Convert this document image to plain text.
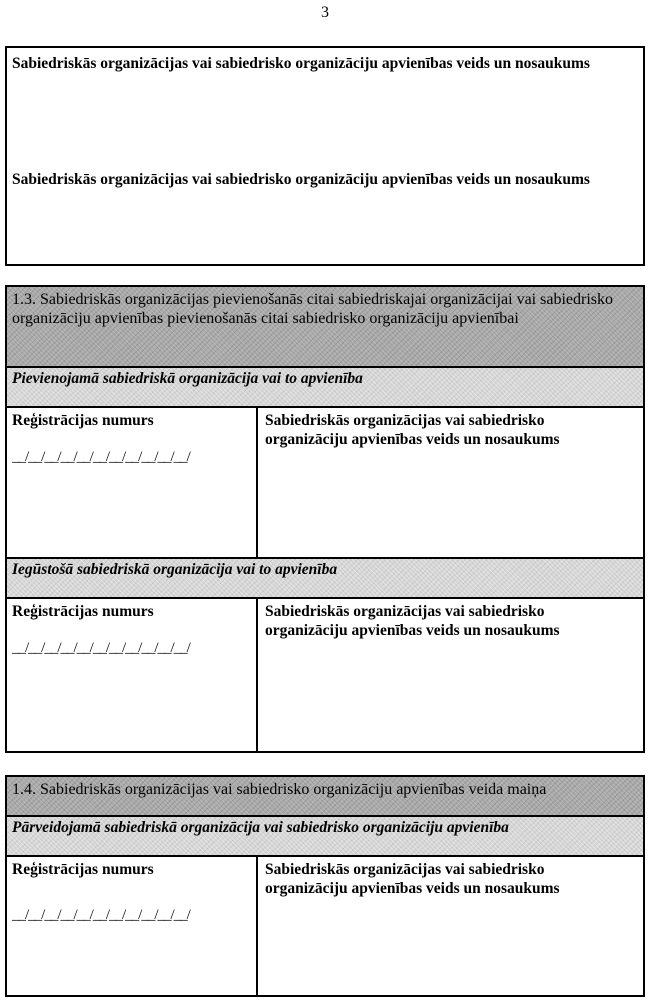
3
Sabiedriskās organizācijas vai sabiedrisko organizāciju apvienības veids un nosaukums
Sabiedriskās organizācijas vai sabiedrisko organizāciju apvienības veids un nosaukums
1.3. Sabiedriskās organizācijas pievienošanās citai sabiedriskajai organizācijai vai sabiedrisko organizāciju apvienības pievienošanās citai sabiedrisko organizāciju apvienībai
Pievienojamā sabiedriskā organizācija vai to apvienība
Reģistrācijas numurs
__/__/__/__/__/__/__/__/__/__/__/
Sabiedriskās organizācijas vai sabiedrisko organizāciju apvienības veids un nosaukums
Iegūstošā sabiedriskā organizācija vai to apvienība
Reģistrācijas numurs
__/__/__/__/__/__/__/__/__/__/__/
Sabiedriskās organizācijas vai sabiedrisko organizāciju apvienības veids un nosaukums
1.4. Sabiedriskās organizācijas vai sabiedrisko organizāciju apvienības veida maiņa
Pārveidojamā sabiedriskā organizācija vai sabiedrisko organizāciju apvienība
Reģistrācijas numurs
__/__/__/__/__/__/__/__/__/__/__/
Sabiedriskās organizācijas vai sabiedrisko organizāciju apvienības veids un nosaukums
